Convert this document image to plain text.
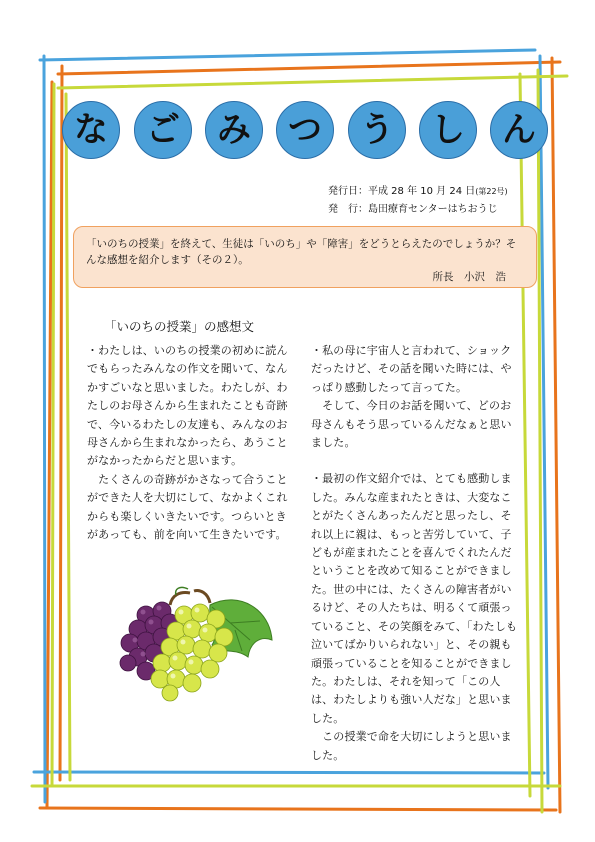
な	ご	み	つ	う	し	ん
発行日：平成 28 年 10 月 24 日(第22号)
発　行：島田療育センターはちおうじ
「いのちの授業」を終えて、生徒は「いのち」や「障害」をどうとらえたのでしょうか？そんな感想を紹介します（その２）。
所長　小沢　浩
「いのちの授業」の感想文

・わたしは、いのちの授業の初めに読んでもらったみんなの作文を聞いて、なんかすごいなと思いました。わたしが、わたしのお母さんから生まれたことも奇跡で、今いるわたしの友達も、みんなのお母さんから生まれなかったら、あうことがなかったからだと思います。

　たくさんの奇跡がかさなって合うことができた人を大切にして、なかよくこれからも楽しくいきたいです。つらいときがあっても、前を向いて生きたいです。

・私の母に宇宙人と言われて、ショックだったけど、その話を聞いた時には、やっぱり感動したって言ってた。

　そして、今日のお話を聞いて、どのお母さんもそう思っているんだなぁと思いました。

・最初の作文紹介では、とても感動しました。みんな産まれたときは、大変なことがたくさんあったんだと思ったし、それ以上に親は、もっと苦労していて、子どもが産まれたことを喜んでくれたんだということを改めて知ることができました。世の中には、たくさんの障害者がいるけど、その人たちは、明るくて頑張っていること、その笑顔をみて、「わたしも泣いてばかりいられない」と、その親も頑張っていることを知ることができました。わたしは、それを知って「この人は、わたしよりも強い人だな」と思いました。

　この授業で命を大切にしようと思いました。
